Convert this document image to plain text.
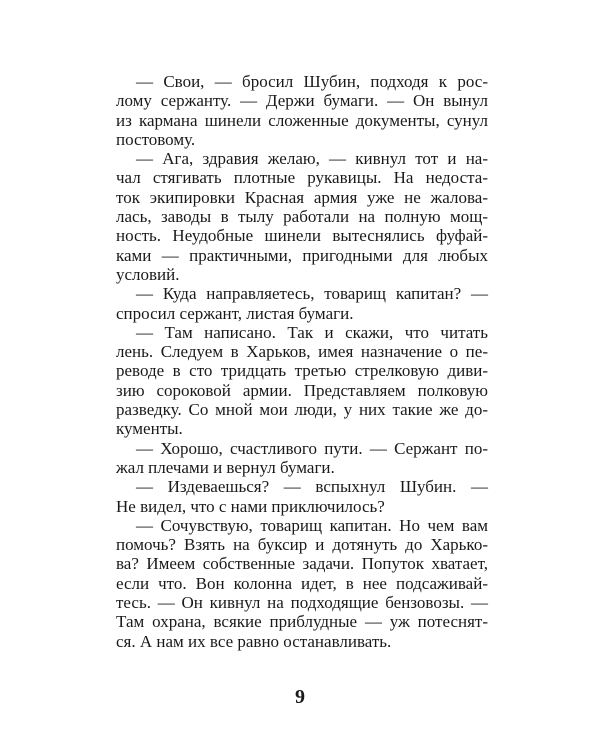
— Свои, — бросил Шубин, подходя к рос-
лому сержанту. — Держи бумаги. — Он вынул
из кармана шинели сложенные документы, сунул
постовому.
— Ага, здравия желаю, — кивнул тот и на-
чал стягивать плотные рукавицы. На недоста-
ток экипировки Красная армия уже не жалова-
лась, заводы в тылу работали на полную мощ-
ность. Неудобные шинели вытеснялись фуфай-
ками — практичными, пригодными для любых
условий.
— Куда направляетесь, товарищ капитан? —
спросил сержант, листая бумаги.
— Там написано. Так и скажи, что читать
лень. Следуем в Харьков, имея назначение о пе-
реводе в сто тридцать третью стрелковую диви-
зию сороковой армии. Представляем полковую
разведку. Со мной мои люди, у них такие же до-
кументы.
— Хорошо, счастливого пути. — Сержант по-
жал плечами и вернул бумаги.
— Издеваешься? — вспыхнул Шубин. —
Не видел, что с нами приключилось?
— Сочувствую, товарищ капитан. Но чем вам
помочь? Взять на буксир и дотянуть до Харько-
ва? Имеем собственные задачи. Попуток хватает,
если что. Вон колонна идет, в нее подсаживай-
тесь. — Он кивнул на подходящие бензовозы. —
Там охрана, всякие приблудные — уж потеснят-
ся. А нам их все равно останавливать.
9
